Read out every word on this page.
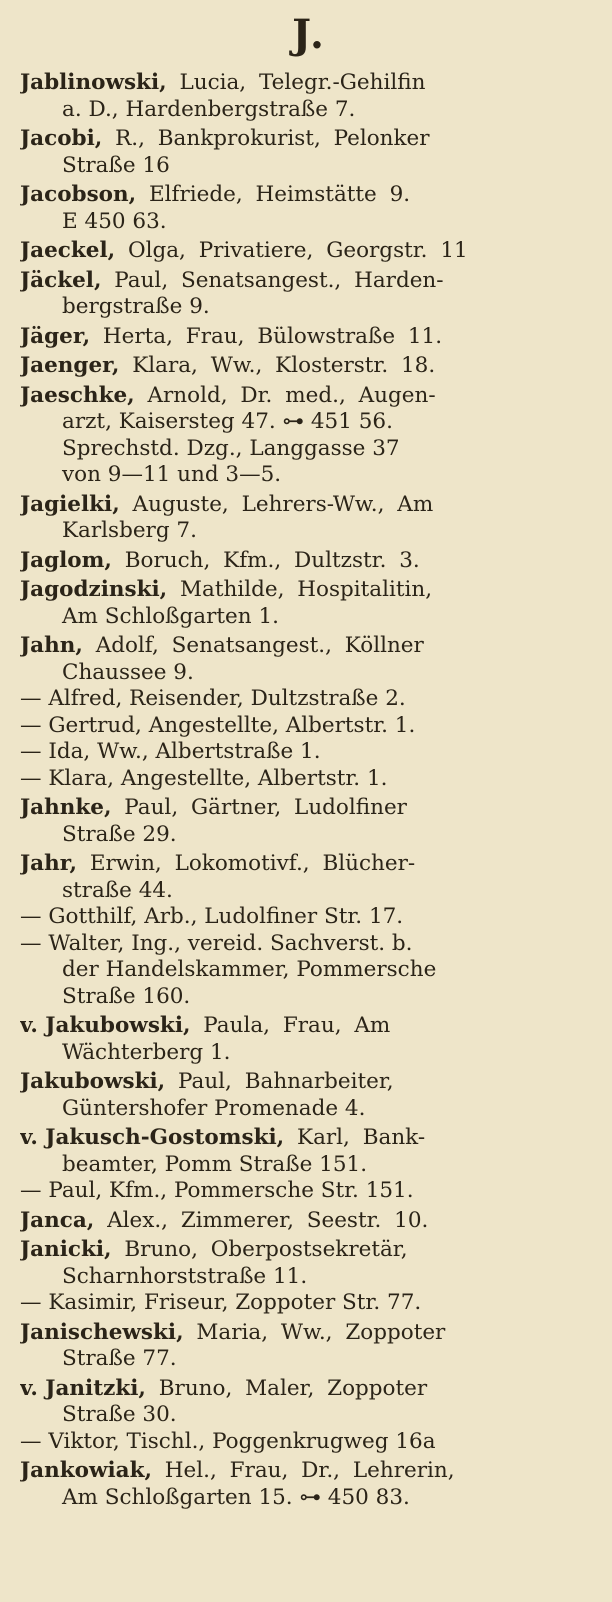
J.
Jablinowski, Lucia, Telegr.-Gehilfin
a. D., Hardenbergstraße 7.
Jacobi, R., Bankprokurist, Pelonker
Straße 16
Jacobson, Elfriede, Heimstätte 9.
E 450 63.
Jaeckel, Olga, Privatiere, Georgstr. 11
Jäckel, Paul, Senatsangest., Harden-
bergstraße 9.
Jäger, Herta, Frau, Bülowstraße 11.
Jaenger, Klara, Ww., Klosterstr. 18.
Jaeschke, Arnold, Dr. med., Augen-
arzt, Kaisersteg 47. ⊶ 451 56.
Sprechstd. Dzg., Langgasse 37
von 9—11 und 3—5.
Jagielki, Auguste, Lehrers-Ww., Am
Karlsberg 7.
Jaglom, Boruch, Kfm., Dultzstr. 3.
Jagodzinski, Mathilde, Hospitalitin,
Am Schloßgarten 1.
Jahn, Adolf, Senatsangest., Köllner
Chaussee 9.
— Alfred, Reisender, Dultzstraße 2.
— Gertrud, Angestellte, Albertstr. 1.
— Ida, Ww., Albertstraße 1.
— Klara, Angestellte, Albertstr. 1.
Jahnke, Paul, Gärtner, Ludolfiner
Straße 29.
Jahr, Erwin, Lokomotivf., Blücher-
straße 44.
— Gotthilf, Arb., Ludolfiner Str. 17.
— Walter, Ing., vereid. Sachverst. b.
der Handelskammer, Pommersche
Straße 160.
v. Jakubowski, Paula, Frau, Am
Wächterberg 1.
Jakubowski, Paul, Bahnarbeiter,
Güntershofer Promenade 4.
v. Jakusch-Gostomski, Karl, Bank-
beamter, Pomm Straße 151.
— Paul, Kfm., Pommersche Str. 151.
Janca, Alex., Zimmerer, Seestr. 10.
Janicki, Bruno, Oberpostsekretär,
Scharnhorststraße 11.
— Kasimir, Friseur, Zoppoter Str. 77.
Janischewski, Maria, Ww., Zoppoter
Straße 77.
v. Janitzki, Bruno, Maler, Zoppoter
Straße 30.
— Viktor, Tischl., Poggenkrugweg 16a
Jankowiak, Hel., Frau, Dr., Lehrerin,
Am Schloßgarten 15. ⊶ 450 83.
